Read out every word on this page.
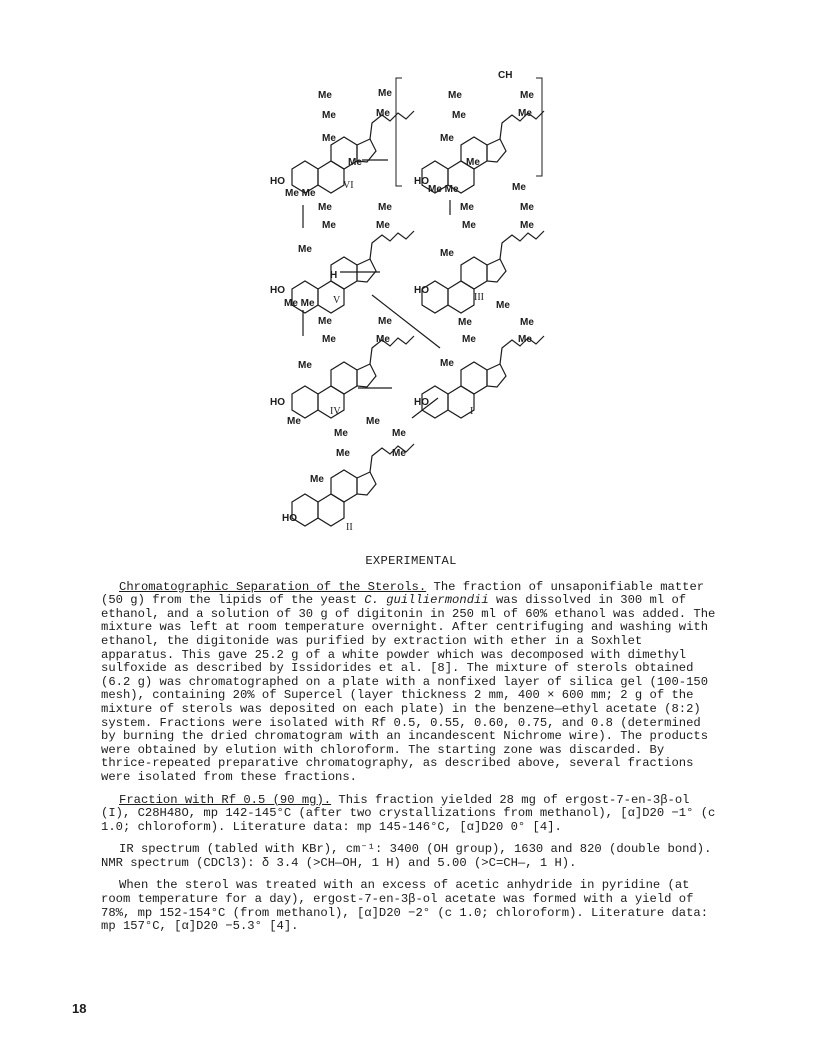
Me	Me
Me
Me
Me
Me
HO
Me Me
VI
CH
Me	Me
Me
Me
Me
Me
HO
Me Me
Me	Me
Me
Me
Me
H
HO
Me Me V
Me
Me	Me
Me	Me
Me
HO
III
Me	Me
Me
Me
Me
HO
Me
IV
Me
Me	Me
Me
Me
Me
HO
I
Me
Me	Me
Me
Me
Me
HO
II
EXPERIMENTAL

Chromatographic Separation of the Sterols. The fraction of unsaponifiable matter (50 g) from the lipids of the yeast C. guilliermondii was dissolved in 300 ml of ethanol, and a solution of 30 g of digitonin in 250 ml of 60% ethanol was added. The mixture was left at room temperature overnight. After centrifuging and washing with ethanol, the digitonide was purified by extraction with ether in a Soxhlet apparatus. This gave 25.2 g of a white powder which was decomposed with dimethyl sulfoxide as described by Issidorides et al. [8]. The mixture of sterols obtained (6.2 g) was chromatographed on a plate with a nonfixed layer of silica gel (100-150 mesh), containing 20% of Supercel (layer thickness 2 mm, 400 × 600 mm; 2 g of the mixture of sterols was deposited on each plate) in the benzene—ethyl acetate (8:2) system. Fractions were isolated with Rf 0.5, 0.55, 0.60, 0.75, and 0.8 (determined by burning the dried chromatogram with an incandescent Nichrome wire). The products were obtained by elution with chloroform. The starting zone was discarded. By thrice-repeated preparative chromatography, as described above, several fractions were isolated from these fractions.

Fraction with Rf 0.5 (90 mg). This fraction yielded 28 mg of ergost-7-en-3β-ol (I), C28H48O, mp 142-145°C (after two crystallizations from methanol), [α]D20 −1° (c 1.0; chloroform). Literature data: mp 145-146°C, [α]D20 0° [4].

IR spectrum (tabled with KBr), cm⁻¹: 3400 (OH group), 1630 and 820 (double bond). NMR spectrum (CDCl3): δ 3.4 (>CH—OH, 1 H) and 5.00 (>C=CH—, 1 H).

When the sterol was treated with an excess of acetic anhydride in pyridine (at room temperature for a day), ergost-7-en-3β-ol acetate was formed with a yield of 78%, mp 152-154°C (from methanol), [α]D20 −2° (c 1.0; chloroform). Literature data: mp 157°C, [α]D20 −5.3° [4].

18
